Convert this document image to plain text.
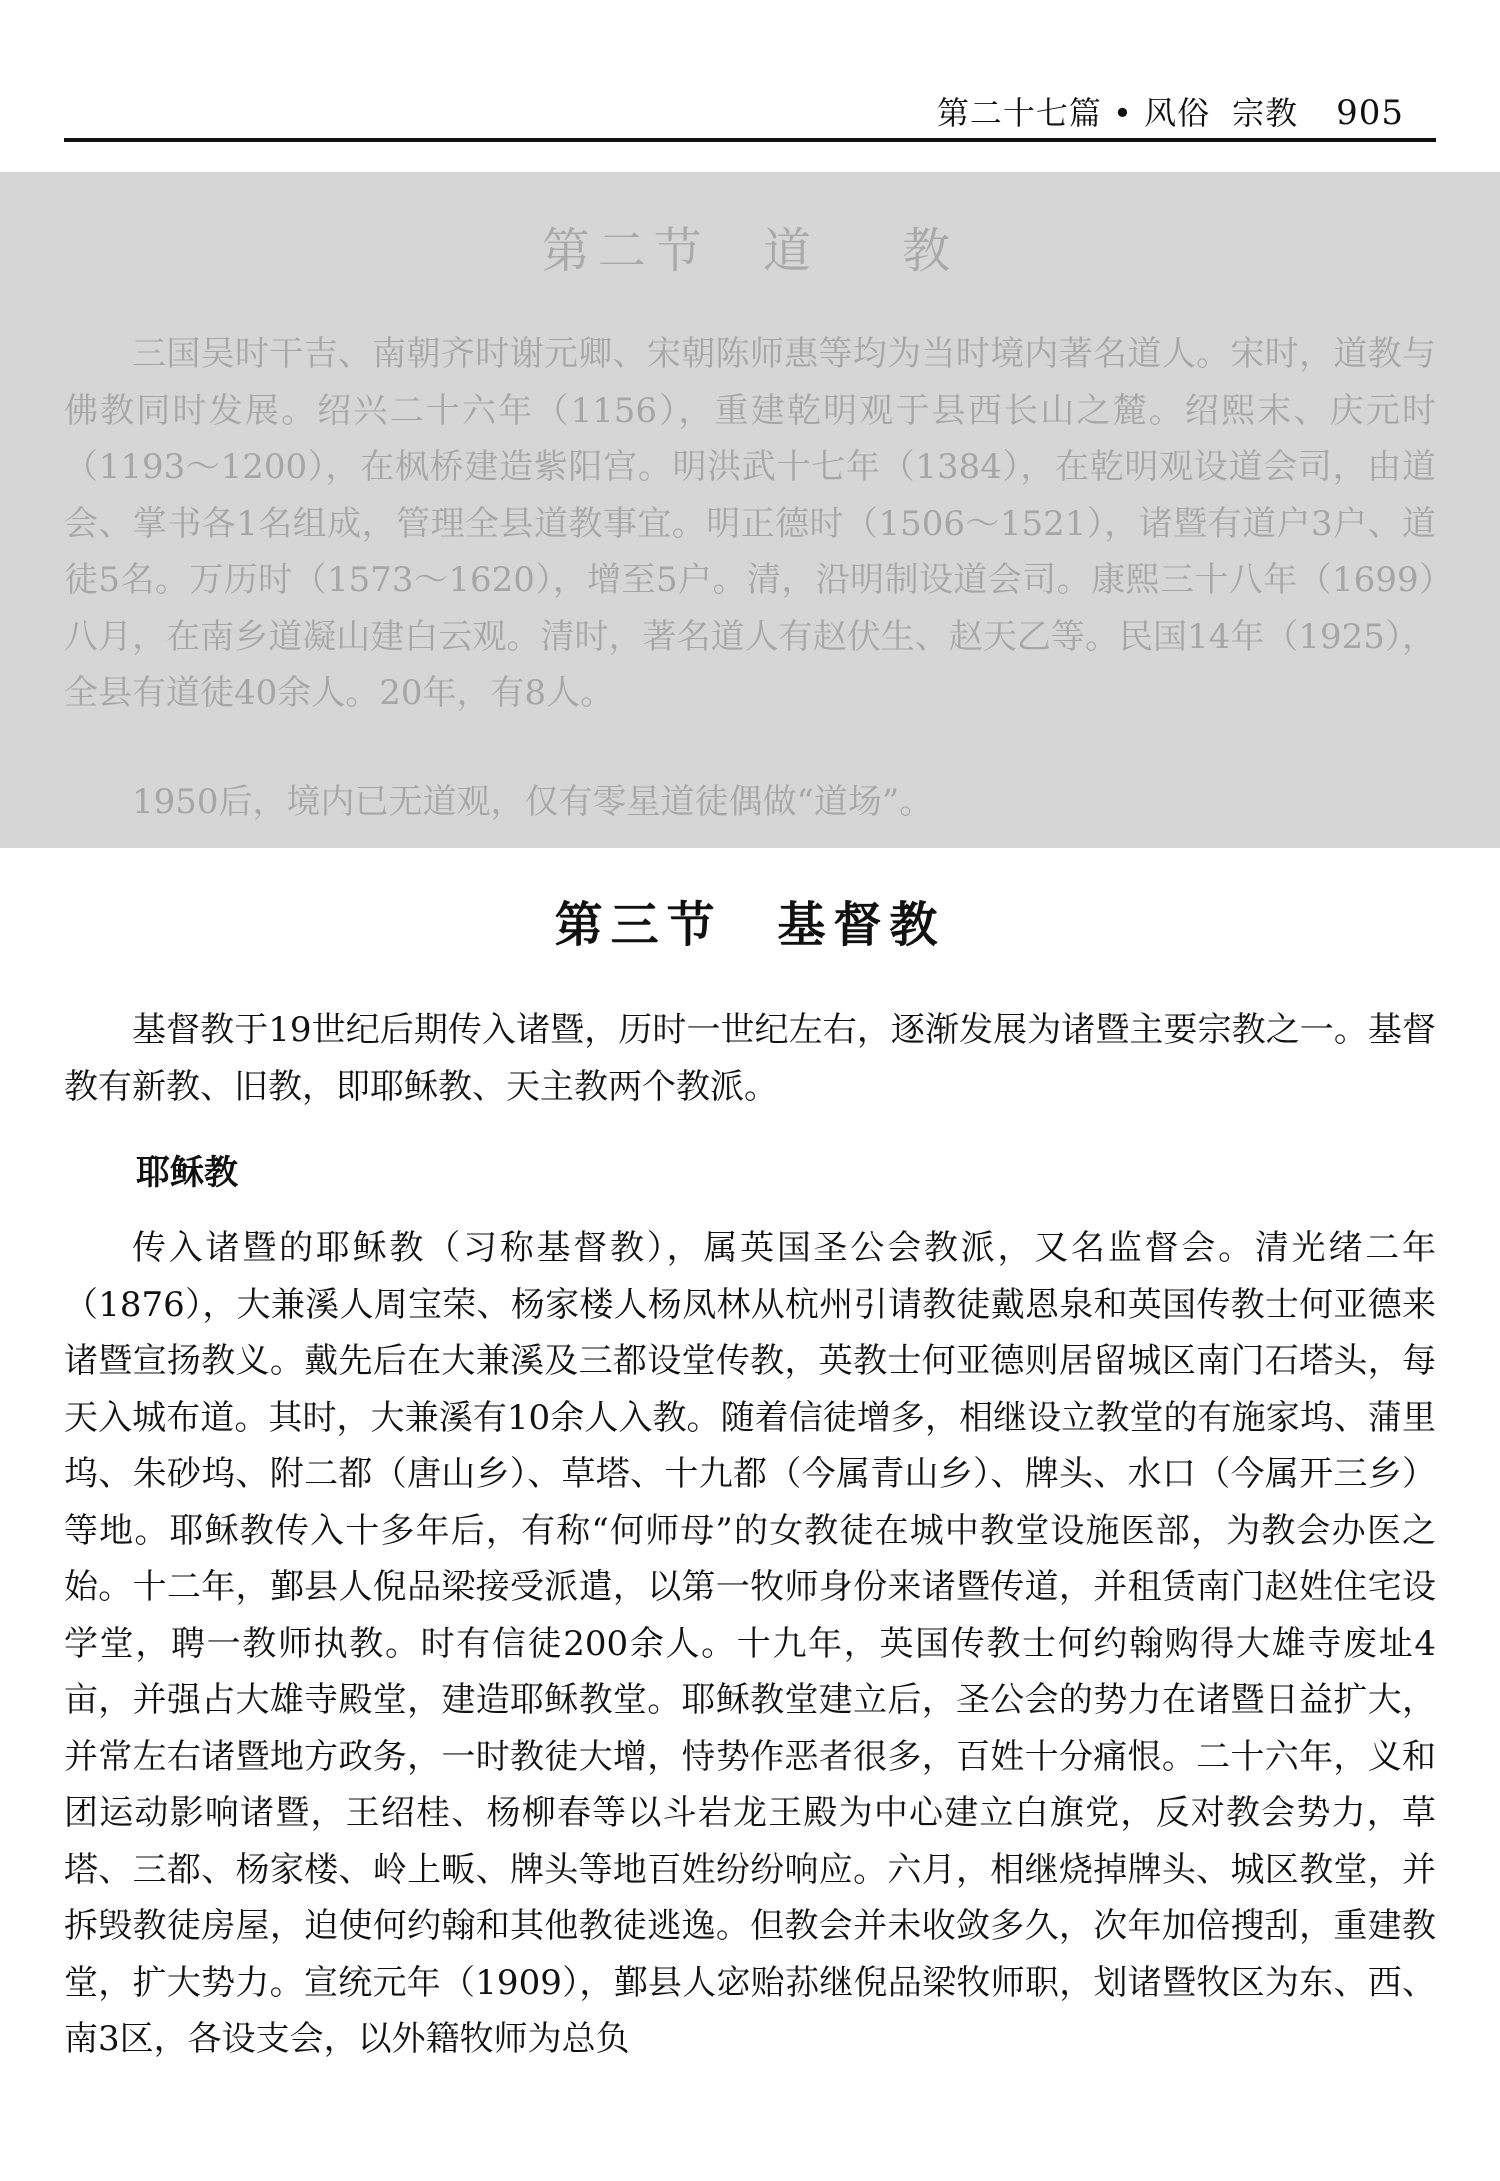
第二十七篇 • 风俗 宗教 905
第二节 道 教

三国吴时干吉、南朝齐时谢元卿、宋朝陈师惠等均为当时境内著名道人。宋时，道教与佛教同时发展。绍兴二十六年（1156），重建乾明观于县西长山之麓。绍熙末、庆元时（1193～1200），在枫桥建造紫阳宫。明洪武十七年（1384），在乾明观设道会司，由道会、掌书各1名组成，管理全县道教事宜。明正德时（1506～1521），诸暨有道户3户、道徒5名。万历时（1573～1620），增至5户。清，沿明制设道会司。康熙三十八年（1699）八月，在南乡道凝山建白云观。清时，著名道人有赵伏生、赵天乙等。民国14年（1925），全县有道徒40余人。20年，有8人。

1950后，境内已无道观，仅有零星道徒偶做“道场”。

第三节 基督教

基督教于19世纪后期传入诸暨，历时一世纪左右，逐渐发展为诸暨主要宗教之一。基督教有新教、旧教，即耶稣教、天主教两个教派。

耶稣教

传入诸暨的耶稣教（习称基督教），属英国圣公会教派，又名监督会。清光绪二年（1876），大兼溪人周宝荣、杨家楼人杨凤林从杭州引请教徒戴恩泉和英国传教士何亚德来诸暨宣扬教义。戴先后在大兼溪及三都设堂传教，英教士何亚德则居留城区南门石塔头，每天入城布道。其时，大兼溪有10余人入教。随着信徒增多，相继设立教堂的有施家坞、蒲里坞、朱砂坞、附二都（唐山乡）、草塔、十九都（今属青山乡）、牌头、水口（今属开三乡）等地。耶稣教传入十多年后，有称“何师母”的女教徒在城中教堂设施医部，为教会办医之始。十二年，鄞县人倪品梁接受派遣，以第一牧师身份来诸暨传道，并租赁南门赵姓住宅设学堂，聘一教师执教。时有信徒200余人。十九年，英国传教士何约翰购得大雄寺废址4亩，并强占大雄寺殿堂，建造耶稣教堂。耶稣教堂建立后，圣公会的势力在诸暨日益扩大，并常左右诸暨地方政务，一时教徒大增，恃势作恶者很多，百姓十分痛恨。二十六年，义和团运动影响诸暨，王绍桂、杨柳春等以斗岩龙王殿为中心建立白旗党，反对教会势力，草塔、三都、杨家楼、岭上畈、牌头等地百姓纷纷响应。六月，相继烧掉牌头、城区教堂，并拆毁教徒房屋，迫使何约翰和其他教徒逃逸。但教会并未收敛多久，次年加倍搜刮，重建教堂，扩大势力。宣统元年（1909），鄞县人宓贻荪继倪品梁牧师职，划诸暨牧区为东、西、南3区，各设支会，以外籍牧师为总负
